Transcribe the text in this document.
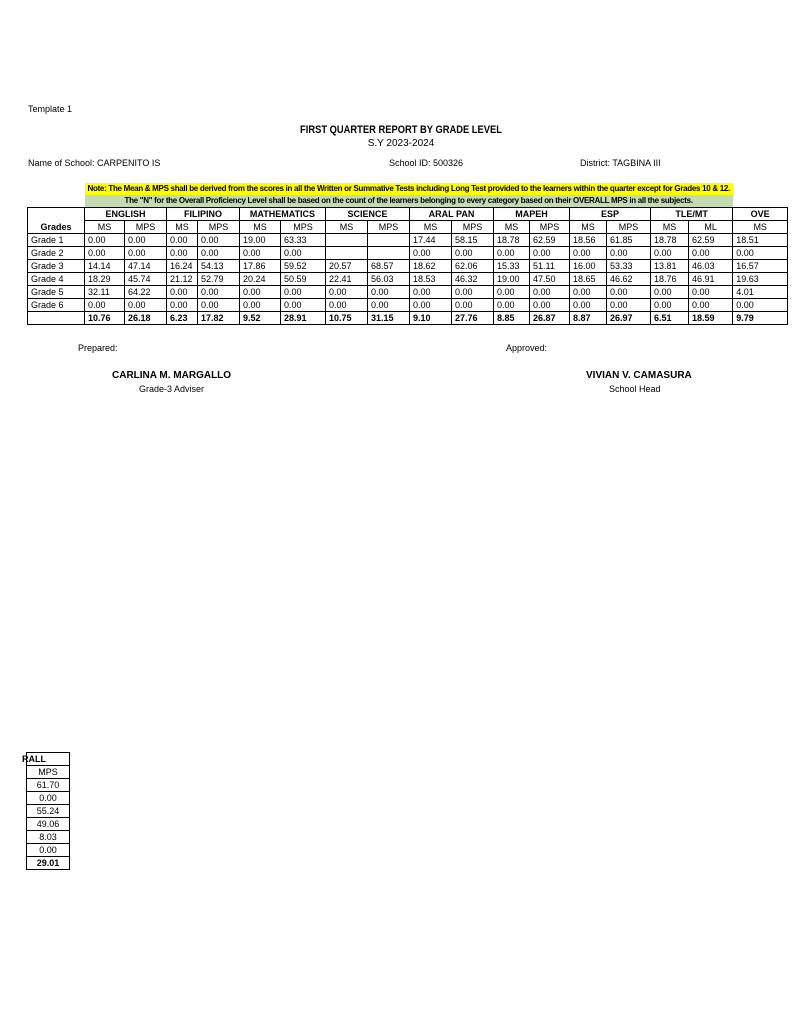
Template 1
FIRST QUARTER REPORT BY GRADE LEVEL
S.Y 2023-2024
Name of School: CARPENITO IS	School ID: 500326	District: TAGBINA III
	Note: The Mean & MPS shall be derived from the scores in all the Written or Summative Tests including Long Test provided to the learners within the quarter except for Grades 10 & 12.																
	The "N" for the Overall Proficiency Level shall be based on the count of the learners belonging to every category based on their OVERALL MPS in all the subjects.																
Grades	ENGLISH		FILIPINO		MATHEMATICS		SCIENCE		ARAL PAN		MAPEH		ESP		TLE/MT		OVE
	MS	MPS	MS	MPS	MS	MPS	MS	MPS	MS	MPS	MS	MPS	MS	MPS	MS	ML	MS
Grade 1	0.00	0.00	0.00	0.00	19.00	63.33			17.44	58.15	18.78	62.59	18.56	61.85	18.78	62.59	18.51
Grade 2	0.00	0.00	0.00	0.00	0.00	0.00			0.00	0.00	0.00	0.00	0.00	0.00	0.00	0.00	0.00
Grade 3	14.14	47.14	16.24	54.13	17.86	59.52	20.57	68.57	18.62	62.06	15.33	51.11	16.00	53.33	13.81	46.03	16.57
Grade 4	18.29	45.74	21.12	52.79	20.24	50.59	22.41	56.03	18.53	46.32	19.00	47.50	18.65	46.62	18.76	46.91	19.63
Grade 5	32.11	64.22	0.00	0.00	0.00	0.00	0.00	0.00	0.00	0.00	0.00	0.00	0.00	0.00	0.00	0.00	4.01
Grade 6	0.00	0.00	0.00	0.00	0.00	0.00	0.00	0.00	0.00	0.00	0.00	0.00	0.00	0.00	0.00	0.00	0.00
	10.76	26.18	6.23	17.82	9.52	28.91	10.75	31.15	9.10	27.76	8.85	26.87	8.87	26.97	6.51	18.59	9.79
Prepared:	Approved:
CARLINA M. MARGALLO
Grade-3 Adviser
VIVIAN V. CAMASURA
School Head
RALL
MPS
61.70
0.00
55.24
49.06
8.03
0.00
29.01
